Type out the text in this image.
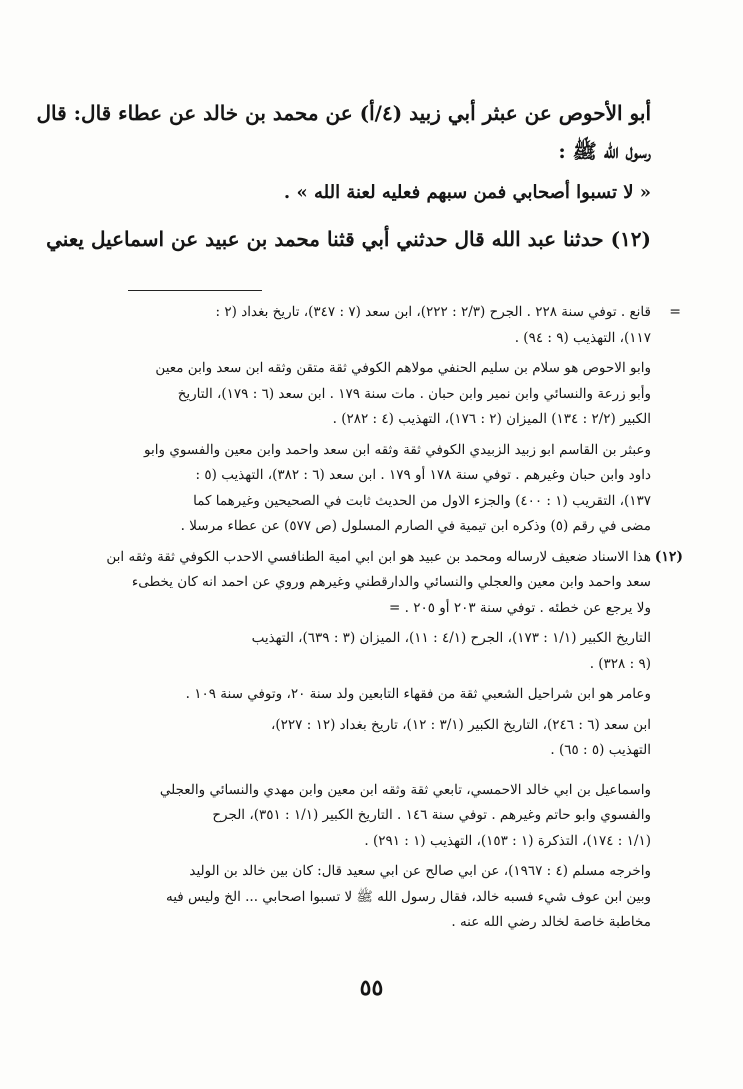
أبو الأحوص عن عبثر أبي زبيد (٤/أ) عن محمد بن خالد عن عطاء قال: قال
رسول الله ﷺ :
« لا تسبوا أصحابي فمن سبهم فعليه لعنة الله » .
(١٢) حدثنا عبد الله قال حدثني أبي قثنا محمد بن عبيد عن اسماعيل يعني
=
قانع . توفي سنة ٢٢٨ . الجرح (٢/٣ : ٢٢٢)، ابن سعد (٧ : ٣٤٧)، تاريخ بغداد (٢ :
١١٧)، التهذيب (٩ : ٩٤) .
وابو الاحوص هو سلام بن سليم الحنفي مولاهم الكوفي ثقة متقن وثقه ابن سعد وابن معين
وأبو زرعة والنسائي وابن نمير وابن حبان . مات سنة ١٧٩ . ابن سعد (٦ : ١٧٩)، التاريخ
الكبير (٢/٢ : ١٣٤) الميزان (٢ : ١٧٦)، التهذيب (٤ : ٢٨٢) .
وعبثر بن القاسم ابو زبيد الزبيدي الكوفي ثقة وثقه ابن سعد واحمد وابن معين والفسوي وابو
داود وابن حبان وغيرهم . توفي سنة ١٧٨ أو ١٧٩ . ابن سعد (٦ : ٣٨٢)، التهذيب (٥ :
١٣٧)، التقريب (١ : ٤٠٠) والجزء الاول من الحديث ثابت في الصحيحين وغيرهما كما
مضى في رقم (٥) وذكره ابن تيمية في الصارم المسلول (ص ٥٧٧) عن عطاء مرسلا .
(١٢)
هذا الاسناد ضعيف لارساله ومحمد بن عبيد هو ابن ابي امية الطنافسي الاحدب الكوفي ثقة وثقه ابن
سعد واحمد وابن معين والعجلي والنسائي والدارقطني وغيرهم وروي عن احمد انه كان يخطىء
ولا يرجع عن خطئه . توفي سنة ٢٠٣ أو ٢٠٥ . =
التاريخ الكبير (١/١ : ١٧٣)، الجرح (٤/١ : ١١)، الميزان (٣ : ٦٣٩)، التهذيب
(٩ : ٣٢٨) .
وعامر هو ابن شراحيل الشعبي ثقة من فقهاء التابعين ولد سنة ٢٠، وتوفي سنة ١٠٩ .
ابن سعد (٦ : ٢٤٦)، التاريخ الكبير (٣/١ : ١٢)، تاريخ بغداد (١٢ : ٢٢٧)،
التهذيب (٥ : ٦٥) .
واسماعيل بن ابي خالد الاحمسي، تابعي ثقة وثقه ابن معين وابن مهدي والنسائي والعجلي
والفسوي وابو حاتم وغيرهم . توفي سنة ١٤٦ . التاريخ الكبير (١/١ : ٣٥١)، الجرح
(١/١ : ١٧٤)، التذكرة (١ : ١٥٣)، التهذيب (١ : ٢٩١) .
واخرجه مسلم (٤ : ١٩٦٧)، عن ابي صالح عن ابي سعيد قال: كان بين خالد بن الوليد
وبين ابن عوف شيء فسبه خالد، فقال رسول الله ﷺ لا تسبوا اصحابي ... الخ وليس فيه
مخاطبة خاصة لخالد رضي الله عنه .
٥٥
